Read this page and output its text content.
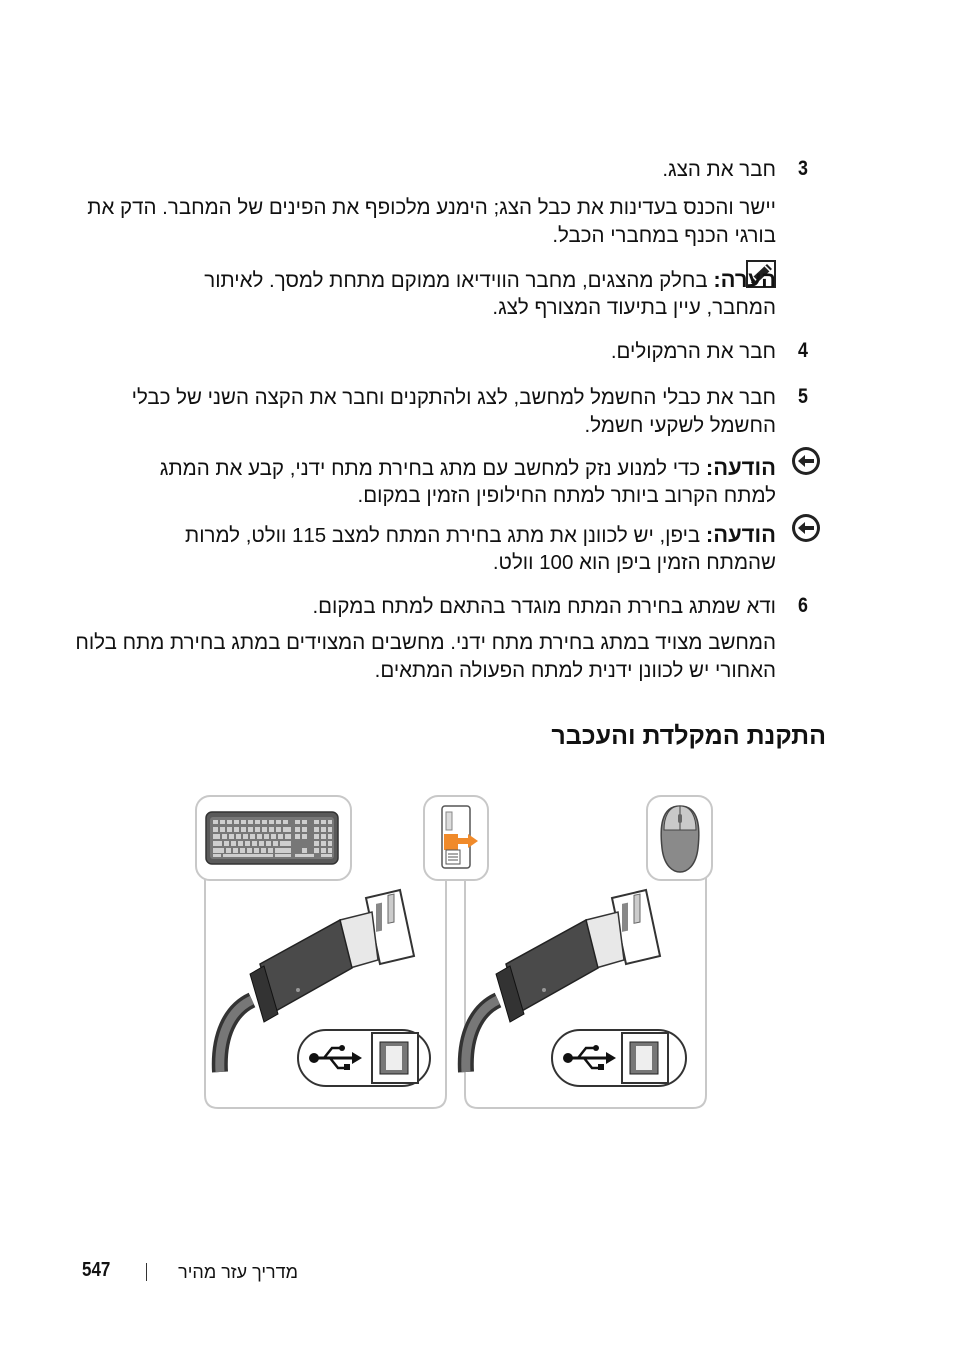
3
חבר את הצג.
יישר והכנס בעדינות את כבל הצג; הימנע מלכופף את הפינים של המחבר. הדק את
בורגי הכנף במחברי הכבל.
הערה: בחלק מהצגים, מחבר הווידיאו ממוקם מתחת למסך. לאיתור
המחבר, עיין בתיעוד המצורף לצג.
4
חבר את הרמקולים.
5
חבר את כבלי החשמל למחשב, לצג ולהתקנים וחבר את הקצה השני של כבלי
החשמל לשקעי חשמל.
הודעה: כדי למנוע נזק למחשב עם מתג בחירת מתח ידני, קבע את המתג
למתח הקרוב ביותר למתח החילופין הזמין במקום.
הודעה: ביפן, יש לכוונן את מתג בחירת המתח למצב 115 וולט, למרות
שהמתח הזמין ביפן הוא 100 וולט.
6
ודא שמתג בחירת המתח מוגדר בהתאם למתח במקום.
המחשב מצויד במתג בחירת מתח ידני. מחשבים המצוידים במתג בחירת מתח בלוח
האחורי יש לכוונן ידנית למתח הפעולה המתאים.
התקנת המקלדת והעכבר
547	מדריך עזר מהיר
